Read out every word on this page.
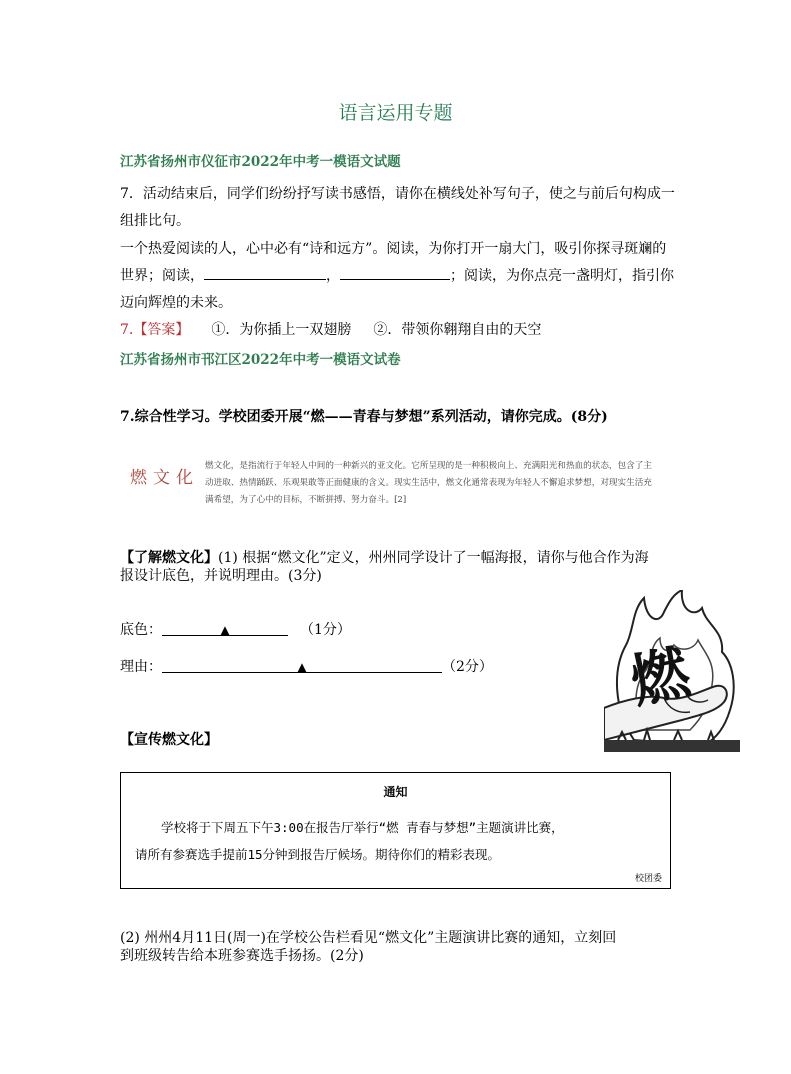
语言运用专题
江苏省扬州市仪征市2022年中考一模语文试题
7．活动结束后，同学们纷纷抒写读书感悟，请你在横线处补写句子，使之与前后句构成一
组排比句。
一个热爱阅读的人，心中必有“诗和远方”。阅读，为你打开一扇大门，吸引你探寻斑斓的
世界；阅读，	，	；阅读，为你点亮一盏明灯，指引你
迈向辉煌的未来。
7.【答案】 ①．为你插上一双翅膀 ②．带领你翱翔自由的天空
江苏省扬州市邗江区2022年中考一模语文试卷
7.综合性学习。学校团委开展“燃——青春与梦想”系列活动，请你完成。(8分)
燃文化
燃文化，是指流行于年轻人中间的一种新兴的亚文化。它所呈现的是一种积极向上、充满阳光和热血的状态，包含了主动进取、热情踊跃、乐观果敢等正面健康的含义。现实生活中，燃文化通常表现为年轻人不懈追求梦想，对现实生活充满希望，为了心中的目标，不断拼搏、努力奋斗。[2]
【了解燃文化】(1) 根据“燃文化”定义，州州同学设计了一幅海报，请你与他合作为海
报设计底色，并说明理由。(3分)
底色：	▲	（1分）
理由：	▲	（2分） 燃
【宣传燃文化】
通知
学校将于下周五下午3:00在报告厅举行“燃 青春与梦想”主题演讲比赛，
请所有参赛选手提前15分钟到报告厅候场。期待你们的精彩表现。
校团委
(2) 州州4月11日(周一)在学校公告栏看见“燃文化”主题演讲比赛的通知，立刻回
到班级转告给本班参赛选手扬扬。(2分)
